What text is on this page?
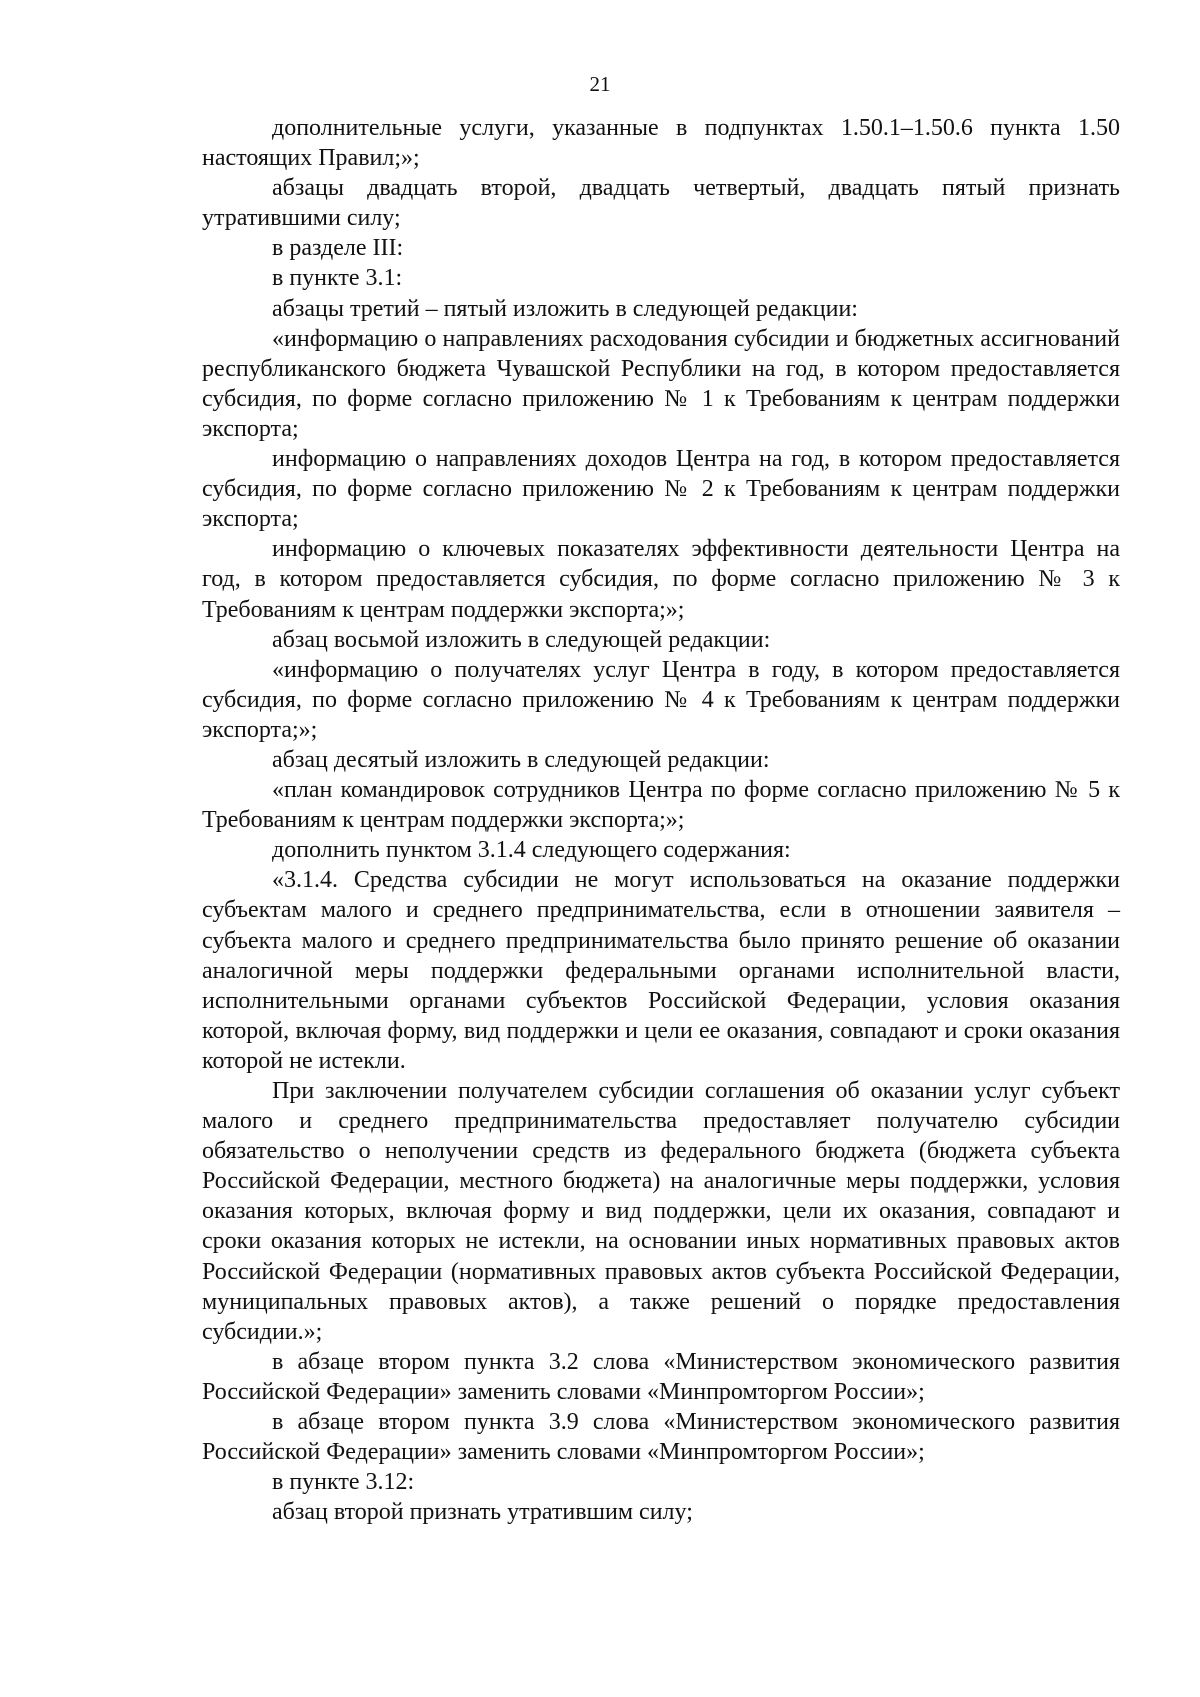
21

дополнительные услуги, указанные в подпунктах 1.50.1–1.50.6 пункта 1.50 настоящих Правил;»;

абзацы двадцать второй, двадцать четвертый, двадцать пятый признать утратившими силу;

в разделе III:

в пункте 3.1:

абзацы третий – пятый изложить в следующей редакции:

«информацию о направлениях расходования субсидии и бюджетных ассигнований республиканского бюджета Чувашской Республики на год, в котором предоставляется субсидия, по форме согласно приложению № 1 к Требованиям к центрам поддержки экспорта;

информацию о направлениях доходов Центра на год, в котором предоставляется субсидия, по форме согласно приложению № 2 к Требованиям к центрам поддержки экспорта;

информацию о ключевых показателях эффективности деятельности Центра на год, в котором предоставляется субсидия, по форме согласно приложению № 3 к Требованиям к центрам поддержки экспорта;»;

абзац восьмой изложить в следующей редакции:

«информацию о получателях услуг Центра в году, в котором предоставляется субсидия, по форме согласно приложению № 4 к Требованиям к центрам поддержки экспорта;»;

абзац десятый изложить в следующей редакции:

«план командировок сотрудников Центра по форме согласно приложению № 5 к Требованиям к центрам поддержки экспорта;»;

дополнить пунктом 3.1.4 следующего содержания:

«3.1.4. Средства субсидии не могут использоваться на оказание поддержки субъектам малого и среднего предпринимательства, если в отношении заявителя – субъекта малого и среднего предпринимательства было принято решение об оказании аналогичной меры поддержки федеральными органами исполнительной власти, исполнительными органами субъектов Российской Федерации, условия оказания которой, включая форму, вид поддержки и цели ее оказания, совпадают и сроки оказания которой не истекли.

При заключении получателем субсидии соглашения об оказании услуг субъект малого и среднего предпринимательства предоставляет получателю субсидии обязательство о неполучении средств из федерального бюджета (бюджета субъекта Российской Федерации, местного бюджета) на аналогичные меры поддержки, условия оказания которых, включая форму и вид поддержки, цели их оказания, совпадают и сроки оказания которых не истекли, на основании иных нормативных правовых актов Российской Федерации (нормативных правовых актов субъекта Российской Федерации, муниципальных правовых актов), а также решений о порядке предоставления субсидии.»;

в абзаце втором пункта 3.2 слова «Министерством экономического развития Российской Федерации» заменить словами «Минпромторгом России»;

в абзаце втором пункта 3.9 слова «Министерством экономического развития Российской Федерации» заменить словами «Минпромторгом России»;

в пункте 3.12:

абзац второй признать утратившим силу;
